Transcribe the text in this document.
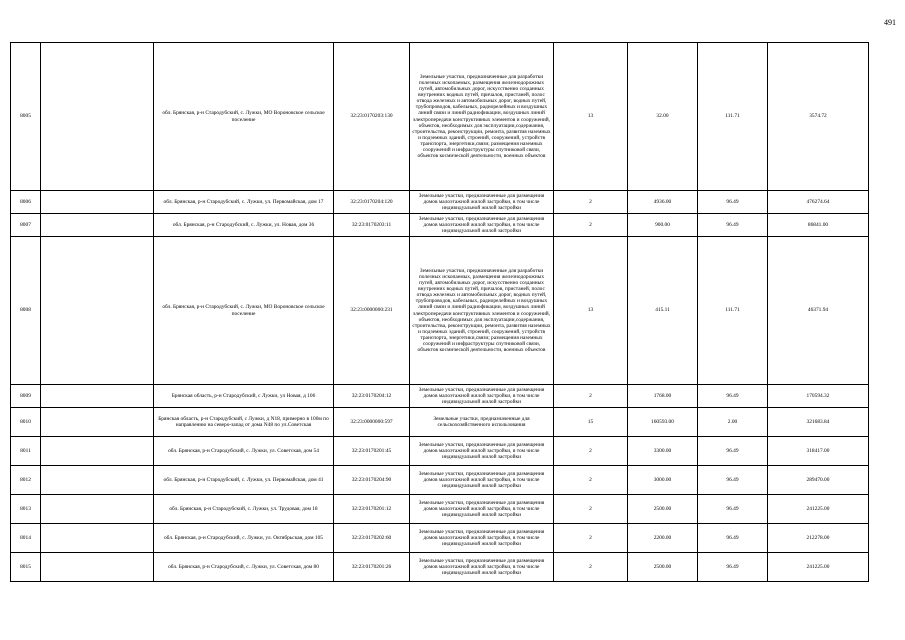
491
8005		обл. Брянская, р-н Стародубский, с. Лужки, МО Вороновское сельское поселение	32:23:0170203:130	Земельные участки, предназначенные для разработки полезных ископаемых, размещения железнодорожных путей, автомобильных дорог, искусственно созданных внутренних водных путей, причалов, пристаней, полос отвода железных и автомобильных дорог, водных путей, трубопроводов, кабельных, радиорелейных и воздушных линий связи и линий радиофикации, воздушных линий электропередачи конструктивных элементов и сооружений, объектов, необходимых для эксплуатации,содержания, строительства, реконструкции, ремонта, развития наземных и подземных зданий, строений, сооружений, устройств транспорта, энергетики,связи; размещения наземных сооружений и инфраструктуры спутниковой связи, объектов космической деятельности, военных объектов	13	32.00	111.71	3574.72
8006		обл. Брянская, р-н Стародубский, с. Лужки, ул. Первомайская, дом 17	32:23:0170204:120	Земельные участки, предназначенные для размещения домов малоэтажной жилой застройки, в том числе индивидуальной жилой застройки	2	4936.00	96.49	476274.64
8007		обл. Брянская, р-н Стародубский, с. Лужки, ул. Новая, дом 36	32:23:0170203:11	Земельные участки, предназначенные для размещения домов малоэтажной жилой застройки, в том числе индивидуальной жилой застройки	2	900.00	96.49	86841.00
8008		обл. Брянская, р-н Стародубский, с. Лужки, МО Вороновское сельское поселение	32:23:0000000:231	Земельные участки, предназначенные для разработки полезных ископаемых, размещения железнодорожных путей, автомобильных дорог, искусственно созданных внутренних водных путей, причалов, пристаней, полос отвода железных и автомобильных дорог, водных путей, трубопроводов, кабельных, радиорелейных и воздушных линий связи и линий радиофикации, воздушных линий электропередачи конструктивных элементов и сооружений, объектов, необходимых для эксплуатации,содержания, строительства, реконструкции, ремонта, развития наземных и подземных зданий, строений, сооружений, устройств транспорта, энергетики,связи; размещения наземных сооружений и инфраструктуры спутниковой связи, объектов космической деятельности, военных объектов	13	415.11	111.71	46371.94
8009		Брянская область, р-н Стародубский, с Лужки, ул Новая, д 106	32:23:0170204:12	Земельные участки, предназначенные для размещения домов малоэтажной жилой застройки, в том числе индивидуальной жилой застройки	2	1768.00	96.49	170594.32
8010		Брянская область, р-н Стародубский, с Лужки, д N18, примерно в 100м по направлению на северо-запад от дома N48 по ул.Советская	32:23:0000000:597	Земельные участки, предназначенные для сельскохозяйственного использования	15	160593.00	2.00	321683.84
8011		обл. Брянская, р-н Стародубский, с. Лужки, ул. Советская, дом 54	32:23:0170201:45	Земельные участки, предназначенные для размещения домов малоэтажной жилой застройки, в том числе индивидуальной жилой застройки	2	3300.00	96.49	318417.00
8012		обл. Брянская, р-н Стародубский, с. Лужки, ул. Первомайская, дом 41	32:23:0170204:90	Земельные участки, предназначенные для размещения домов малоэтажной жилой застройки, в том числе индивидуальной жилой застройки	2	3000.00	96.49	289470.00
8013		обл. Брянская, р-н Стародубский, с. Лужки, ул. Трудовая, дом 18	32:23:0170201:12	Земельные участки, предназначенные для размещения домов малоэтажной жилой застройки, в том числе индивидуальной жилой застройки	2	2500.00	96.49	241225.00
8014		обл. Брянская, р-н Стародубский, с. Лужки, ул. Октябрьская, дом 105	32:23:0170202:60	Земельные участки, предназначенные для размещения домов малоэтажной жилой застройки, в том числе индивидуальной жилой застройки	2	2200.00	96.49	212278.00
8015		обл. Брянская, р-н Стародубский, с. Лужки, ул. Советская, дом 80	32:23:0170201:26	Земельные участки, предназначенные для размещения домов малоэтажной жилой застройки, в том числе индивидуальной жилой застройки	2	2500.00	96.49	241225.00
